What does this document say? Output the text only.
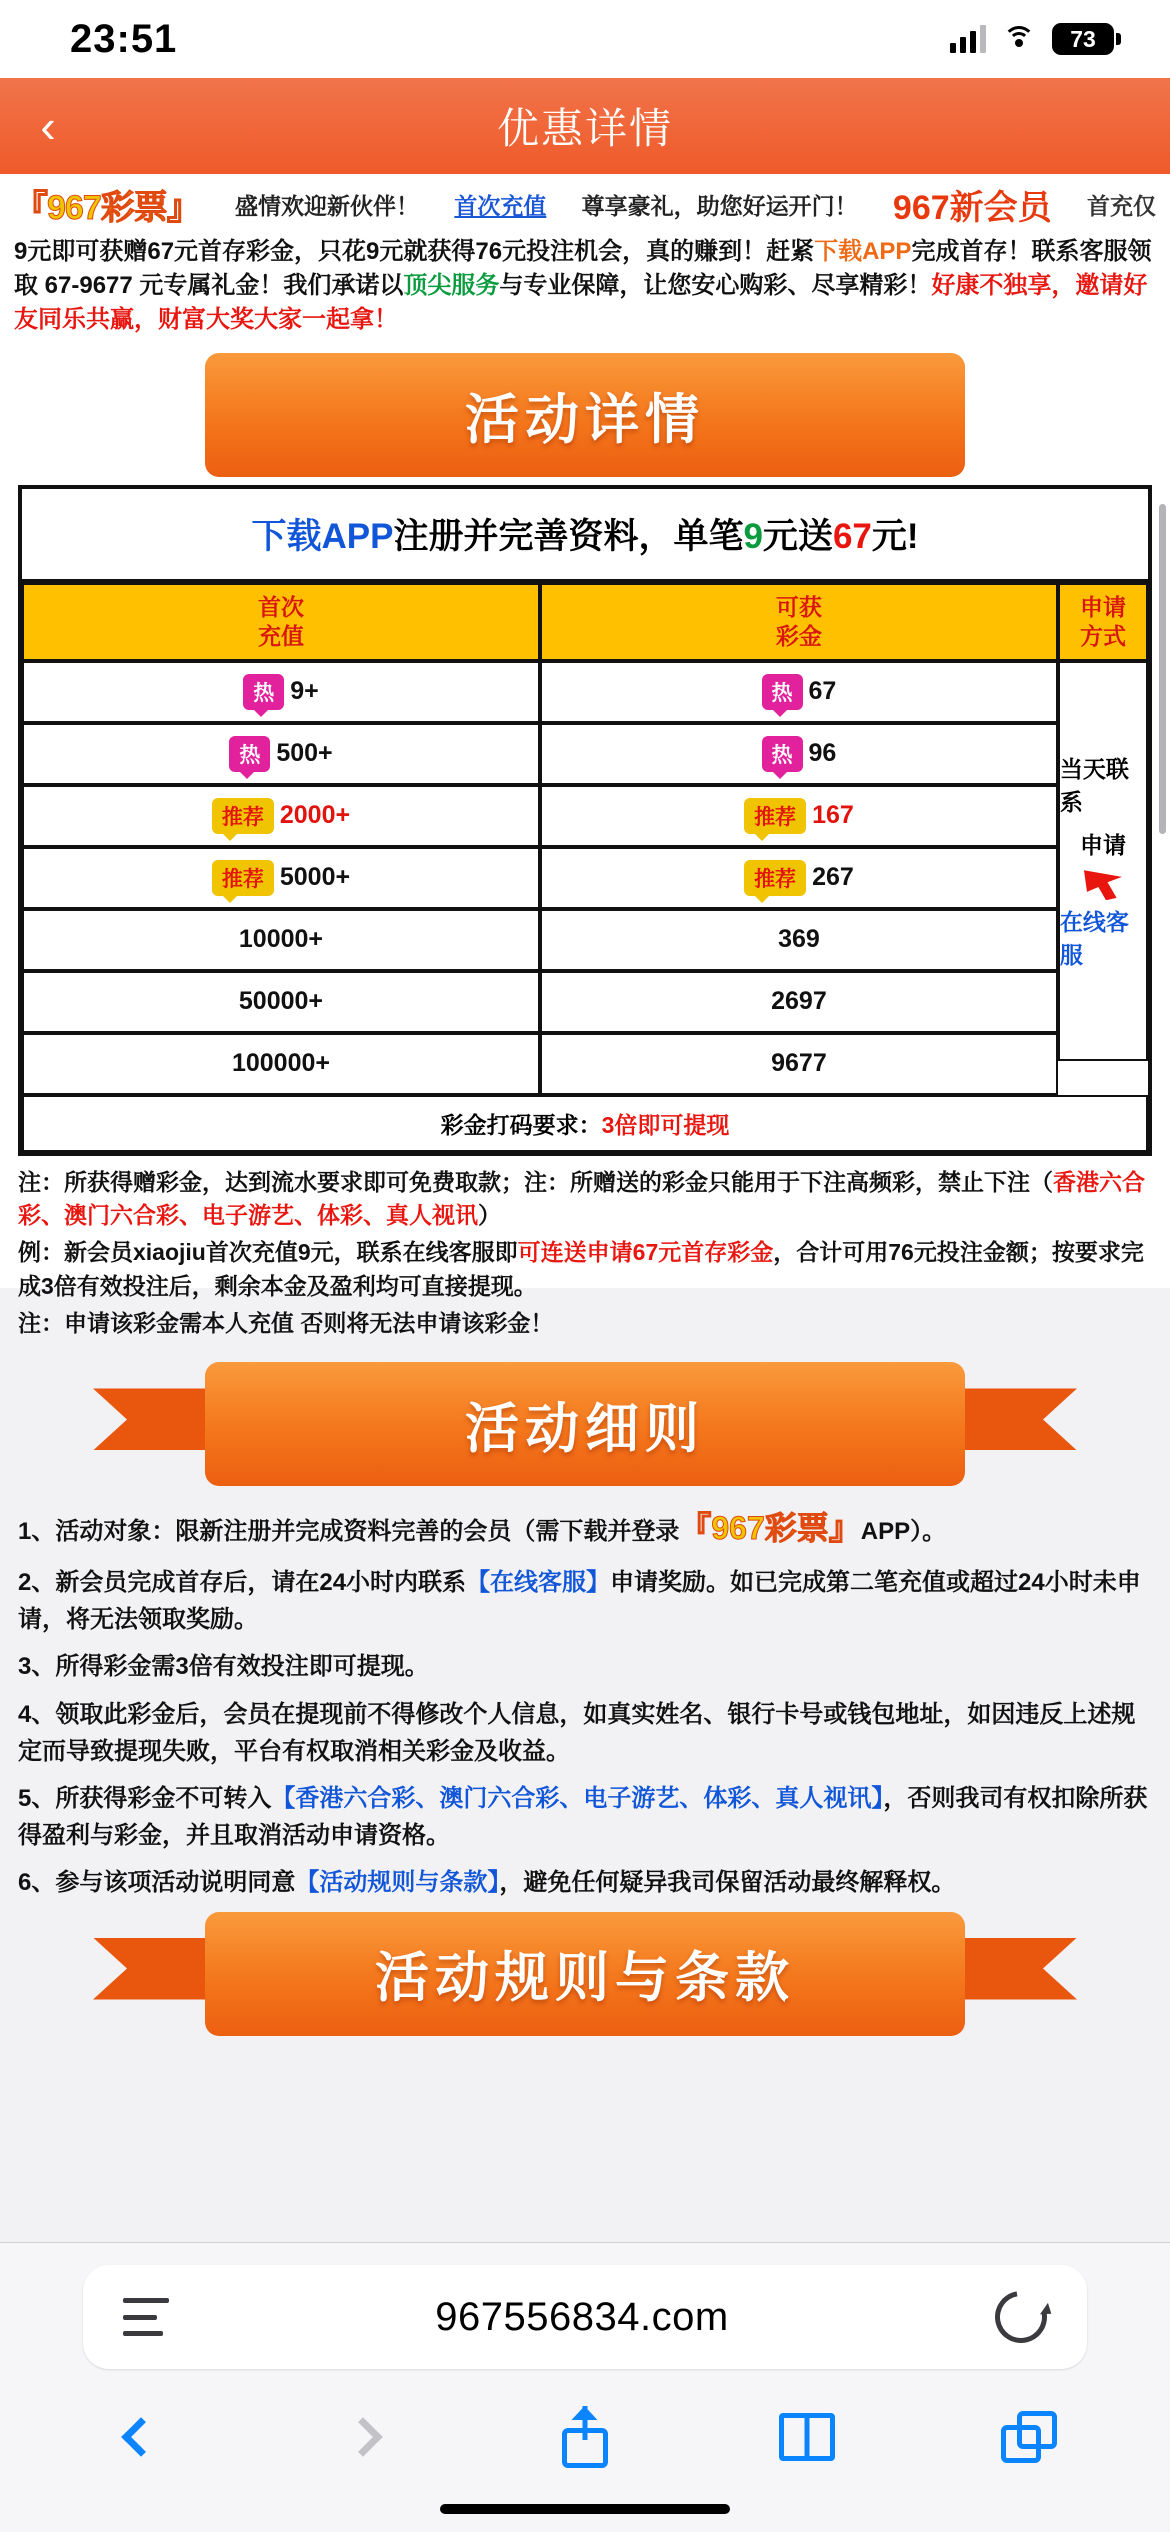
23:51	73
‹	优惠详情
『967彩票』 盛情欢迎新伙伴！ 首次充值 尊享豪礼，助您好运开门！ 967新会员 首充仅
9元即可获赠67元首存彩金，只花9元就获得76元投注机会，真的赚到！赶紧下载APP完成首存！联系客服领取 67-9677 元专属礼金！我们承诺以顶尖服务与专业保障，让您安心购彩、尽享精彩！好康不独享，邀请好友同乐共赢，财富大奖大家一起拿！
活动详情
下载APP注册并完善资料，单笔9元送67元!
首次
充值
热 9+
热 500+
推荐 2000+
推荐 5000+
10000+
50000+
100000+
可获
彩金
热 67
热 96
推荐 167
推荐 267
369
2697
9677
申请
方式
当天联系
申请
在线客服
彩金打码要求：3倍即可提现

注：所获得赠彩金，达到流水要求即可免费取款；注：所赠送的彩金只能用于下注高频彩，禁止下注（香港六合彩、澳门六合彩、电子游艺、体彩、真人视讯）

例：新会员xiaojiu首次充值9元，联系在线客服即可连送申请67元首存彩金，合计可用76元投注金额；按要求完成3倍有效投注后，剩余本金及盈利均可直接提现。

注：申请该彩金需本人充值 否则将无法申请该彩金！

活动细则

1、活动对象：限新注册并完成资料完善的会员（需下载并登录『967彩票』APP）。

2、新会员完成首存后，请在24小时内联系【在线客服】申请奖励。如已完成第二笔充值或超过24小时未申请，将无法领取奖励。

3、所得彩金需3倍有效投注即可提现。

4、领取此彩金后，会员在提现前不得修改个人信息，如真实姓名、银行卡号或钱包地址，如因违反上述规定而导致提现失败，平台有权取消相关彩金及收益。

5、所获得彩金不可转入【香港六合彩、澳门六合彩、电子游艺、体彩、真人视讯】，否则我司有权扣除所获得盈利与彩金，并且取消活动申请资格。

6、参与该项活动说明同意【活动规则与条款】，避免任何疑异我司保留活动最终解释权。

活动规则与条款
967556834.com
